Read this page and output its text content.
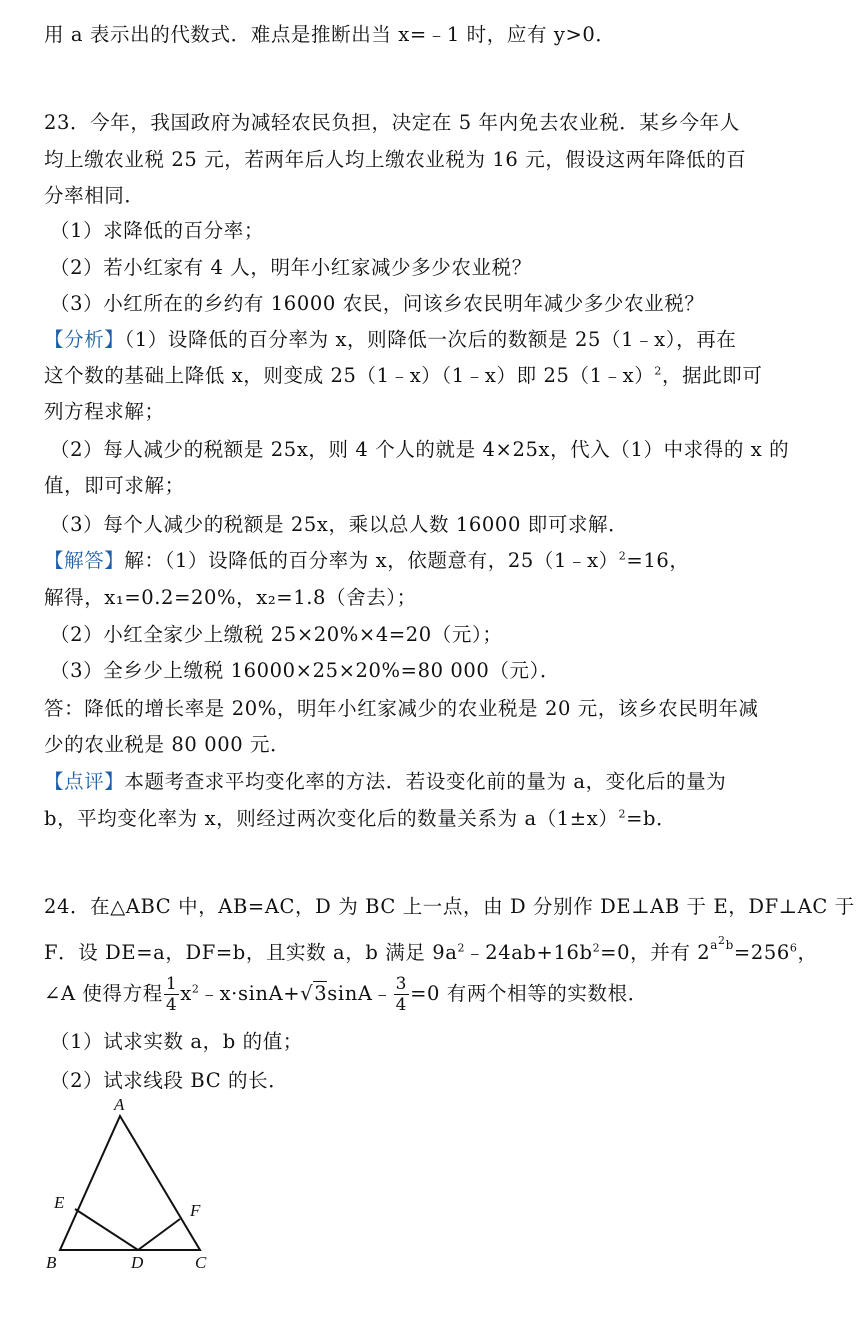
用 a 表示出的代数式．难点是推断出当 x=﹣1 时，应有 y>0．
23．今年，我国政府为减轻农民负担，决定在 5 年内免去农业税．某乡今年人
均上缴农业税 25 元，若两年后人均上缴农业税为 16 元，假设这两年降低的百
分率相同．
（1）求降低的百分率；
（2）若小红家有 4 人，明年小红家减少多少农业税？
（3）小红所在的乡约有 16000 农民，问该乡农民明年减少多少农业税？
【分析】（1）设降低的百分率为 x，则降低一次后的数额是 25（1﹣x），再在
这个数的基础上降低 x，则变成 25（1﹣x）（1﹣x）即 25（1﹣x）$^2$，据此即可
列方程求解；
（2）每人减少的税额是 25x，则 4 个人的就是 4×25x，代入（1）中求得的 x 的
值，即可求解；
（3）每个人减少的税额是 25x，乘以总人数 16000 即可求解．
【解答】解：（1）设降低的百分率为 x，依题意有，25（1﹣x）$^2$=16，
解得，x₁=0.2=20%，x₂=1.8（舍去）；
（2）小红全家少上缴税 25×20%×4=20（元）；
（3）全乡少上缴税 16000×25×20%=80 000（元）．
答：降低的增长率是 20%，明年小红家减少的农业税是 20 元，该乡农民明年减
少的农业税是 80 000 元．
【点评】本题考查求平均变化率的方法．若设变化前的量为 a，变化后的量为
b，平均变化率为 x，则经过两次变化后的数量关系为 $a(1\pm x)^2=b$．
24．在△ABC 中，AB=AC，D 为 BC 上一点，由 D 分别作 DE⊥AB 于 E，DF⊥AC 于
F．设 DE=a，DF=b，且实数 a，b 满足 $9a^2﹣24ab+16b^2=0$，并有 $2^{a^2b}=256^6$，
∠A 使得方程 $\frac{1}{4}$ $x^2﹣x\cdot\sin A+√3\sin A﹣ \frac{3}{4} =0$ 有两个相等的实数根．
（1）试求实数 a，b 的值；
（2）试求线段 BC 的长．
A
E	F
B	D	C
